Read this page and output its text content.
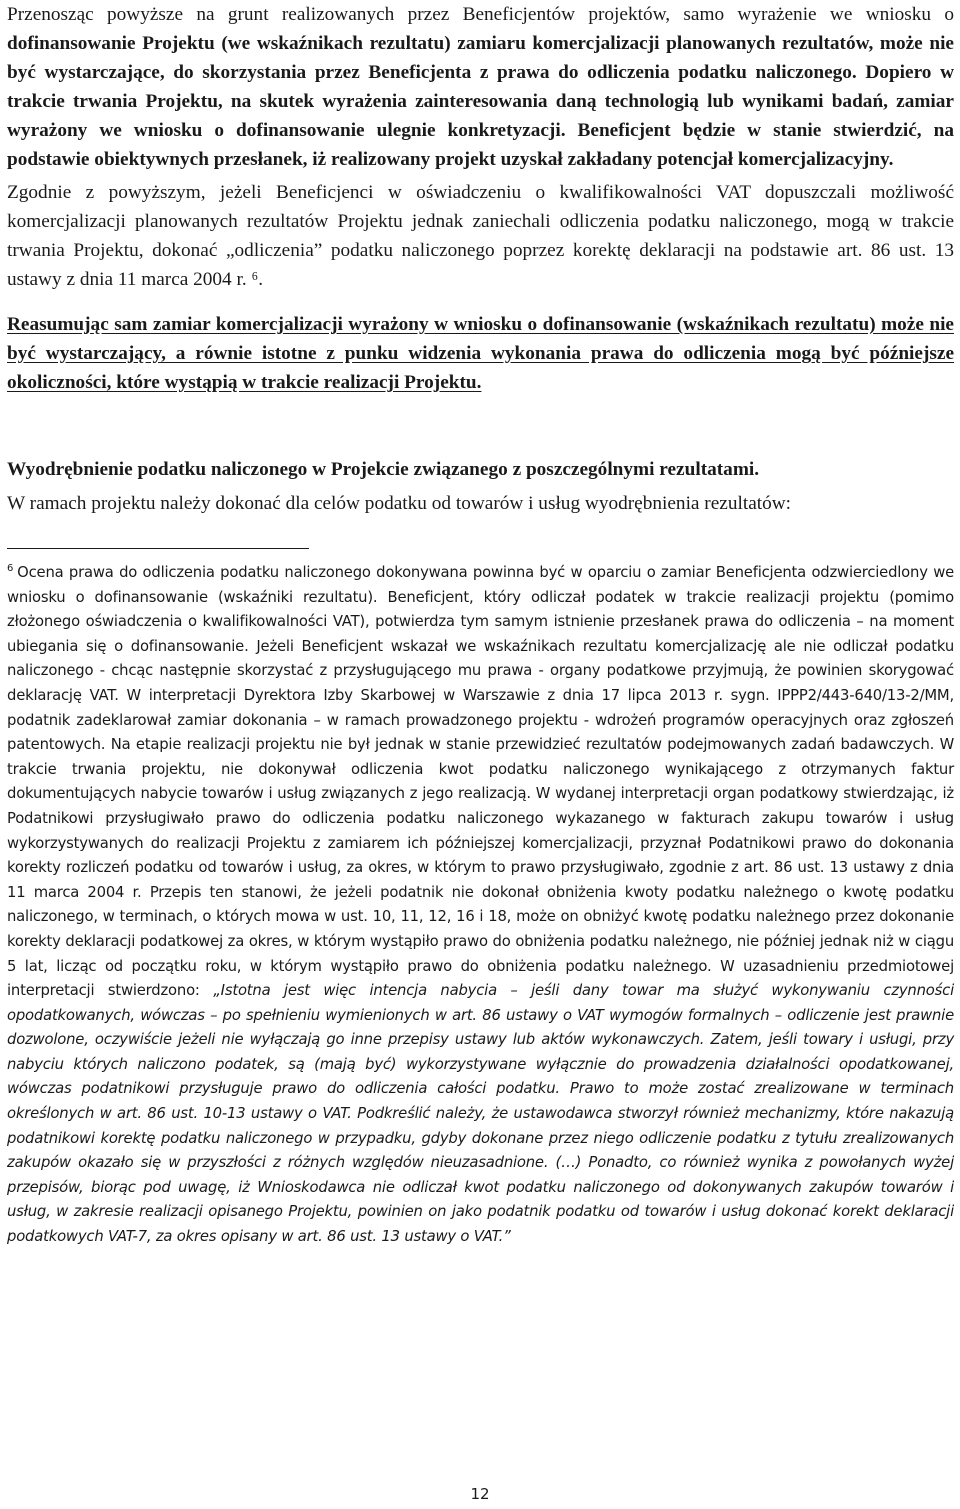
Przenosząc powyższe na grunt realizowanych przez Beneficjentów projektów, samo wyrażenie we wniosku o dofinansowanie Projektu (we wskaźnikach rezultatu) zamiaru komercjalizacji planowanych rezultatów, może nie być wystarczające, do skorzystania przez Beneficjenta z prawa do odliczenia podatku naliczonego. Dopiero w trakcie trwania Projektu, na skutek wyrażenia zainteresowania daną technologią lub wynikami badań, zamiar wyrażony we wniosku o dofinansowanie ulegnie konkretyzacji. Beneficjent będzie w stanie stwierdzić, na podstawie obiektywnych przesłanek, iż realizowany projekt uzyskał zakładany potencjał komercjalizacyjny.

Zgodnie z powyższym, jeżeli Beneficjenci w oświadczeniu o kwalifikowalności VAT dopuszczali możliwość komercjalizacji planowanych rezultatów Projektu jednak zaniechali odliczenia podatku naliczonego, mogą w trakcie trwania Projektu, dokonać „odliczenia” podatku naliczonego poprzez korektę deklaracji na podstawie art. 86 ust. 13 ustawy z dnia 11 marca 2004 r. ⁶.

Reasumując sam zamiar komercjalizacji wyrażony w wniosku o dofinansowanie (wskaźnikach rezultatu) może nie być wystarczający, a równie istotne z punku widzenia wykonania prawa do odliczenia mogą być późniejsze okoliczności, które wystąpią w trakcie realizacji Projektu.

Wyodrębnienie podatku naliczonego w Projekcie związanego z poszczególnymi rezultatami.

W ramach projektu należy dokonać dla celów podatku od towarów i usług wyodrębnienia rezultatów:

$^6$ Ocena prawa do odliczenia podatku naliczonego dokonywana powinna być w oparciu o zamiar Beneficjenta odzwierciedlony we wniosku o dofinansowanie (wskaźniki rezultatu). Beneficjent, który odliczał podatek w trakcie realizacji projektu (pomimo złożonego oświadczenia o kwalifikowalności VAT), potwierdza tym samym istnienie przesłanek prawa do odliczenia – na moment ubiegania się o dofinansowanie. Jeżeli Beneficjent wskazał we wskaźnikach rezultatu komercjalizację ale nie odliczał podatku naliczonego - chcąc następnie skorzystać z przysługującego mu prawa - organy podatkowe przyjmują, że powinien skorygować deklarację VAT. W interpretacji Dyrektora Izby Skarbowej w Warszawie z dnia 17 lipca 2013 r. sygn. IPPP2/443-640/13-2/MM, podatnik zadeklarował zamiar dokonania – w ramach prowadzonego projektu - wdrożeń programów operacyjnych oraz zgłoszeń patentowych. Na etapie realizacji projektu nie był jednak w stanie przewidzieć rezultatów podejmowanych zadań badawczych. W trakcie trwania projektu, nie dokonywał odliczenia kwot podatku naliczonego wynikającego z otrzymanych faktur dokumentujących nabycie towarów i usług związanych z jego realizacją. W wydanej interpretacji organ podatkowy stwierdzając, iż Podatnikowi przysługiwało prawo do odliczenia podatku naliczonego wykazanego w fakturach zakupu towarów i usług wykorzystywanych do realizacji Projektu z zamiarem ich późniejszej komercjalizacji, przyznał Podatnikowi prawo do dokonania korekty rozliczeń podatku od towarów i usług, za okres, w którym to prawo przysługiwało, zgodnie z art. 86 ust. 13 ustawy z dnia 11 marca 2004 r. Przepis ten stanowi, że jeżeli podatnik nie dokonał obniżenia kwoty podatku należnego o kwotę podatku naliczonego, w terminach, o których mowa w ust. 10, 11, 12, 16 i 18, może on obniżyć kwotę podatku należnego przez dokonanie korekty deklaracji podatkowej za okres, w którym wystąpiło prawo do obniżenia podatku należnego, nie później jednak niż w ciągu 5 lat, licząc od początku roku, w którym wystąpiło prawo do obniżenia podatku należnego. W uzasadnieniu przedmiotowej interpretacji stwierdzono: „Istotna jest więc intencja nabycia – jeśli dany towar ma służyć wykonywaniu czynności opodatkowanych, wówczas – po spełnieniu wymienionych w art. 86 ustawy o VAT wymogów formalnych – odliczenie jest prawnie dozwolone, oczywiście jeżeli nie wyłączają go inne przepisy ustawy lub aktów wykonawczych. Zatem, jeśli towary i usługi, przy nabyciu których naliczono podatek, są (mają być) wykorzystywane wyłącznie do prowadzenia działalności opodatkowanej, wówczas podatnikowi przysługuje prawo do odliczenia całości podatku. Prawo to może zostać zrealizowane w terminach określonych w art. 86 ust. 10-13 ustawy o VAT. Podkreślić należy, że ustawodawca stworzył również mechanizmy, które nakazują podatnikowi korektę podatku naliczonego w przypadku, gdyby dokonane przez niego odliczenie podatku z tytułu zrealizowanych zakupów okazało się w przyszłości z różnych względów nieuzasadnione. (…) Ponadto, co również wynika z powołanych wyżej przepisów, biorąc pod uwagę, iż Wnioskodawca nie odliczał kwot podatku naliczonego od dokonywanych zakupów towarów i usług, w zakresie realizacji opisanego Projektu, powinien on jako podatnik podatku od towarów i usług dokonać korekt deklaracji podatkowych VAT-7, za okres opisany w art. 86 ust. 13 ustawy o VAT.”

12
